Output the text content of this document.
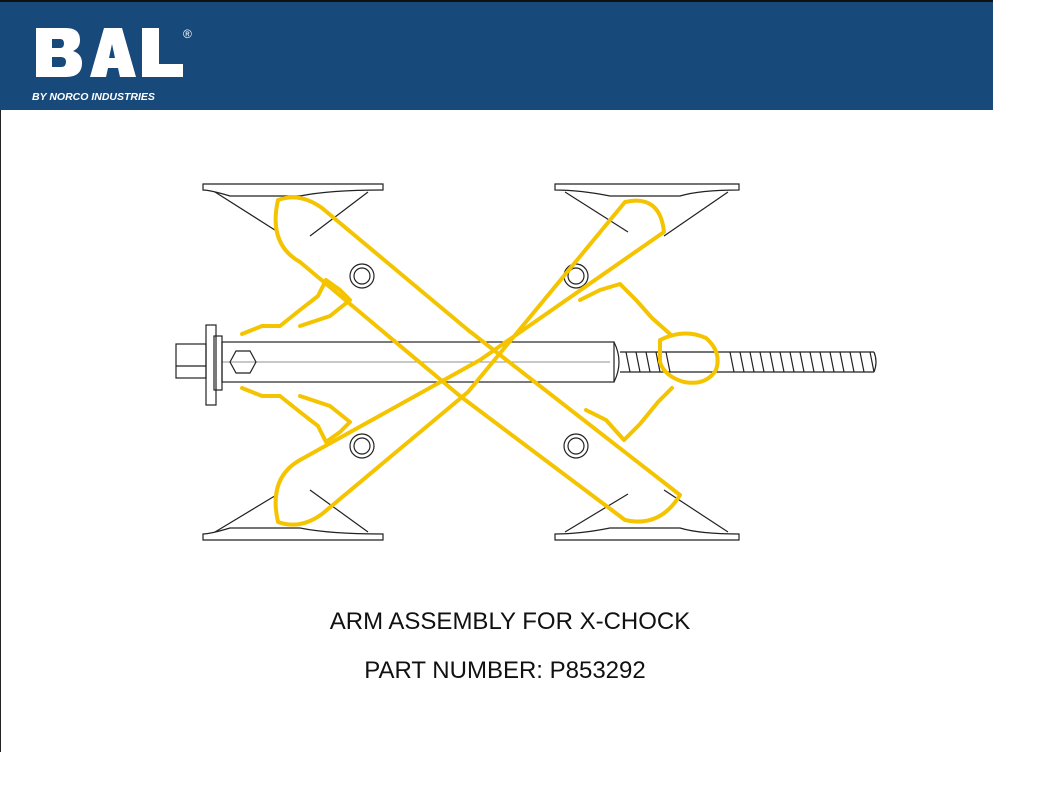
®
BY NORCO INDUSTRIES
ARM ASSEMBLY FOR X-CHOCK
PART NUMBER: P853292
